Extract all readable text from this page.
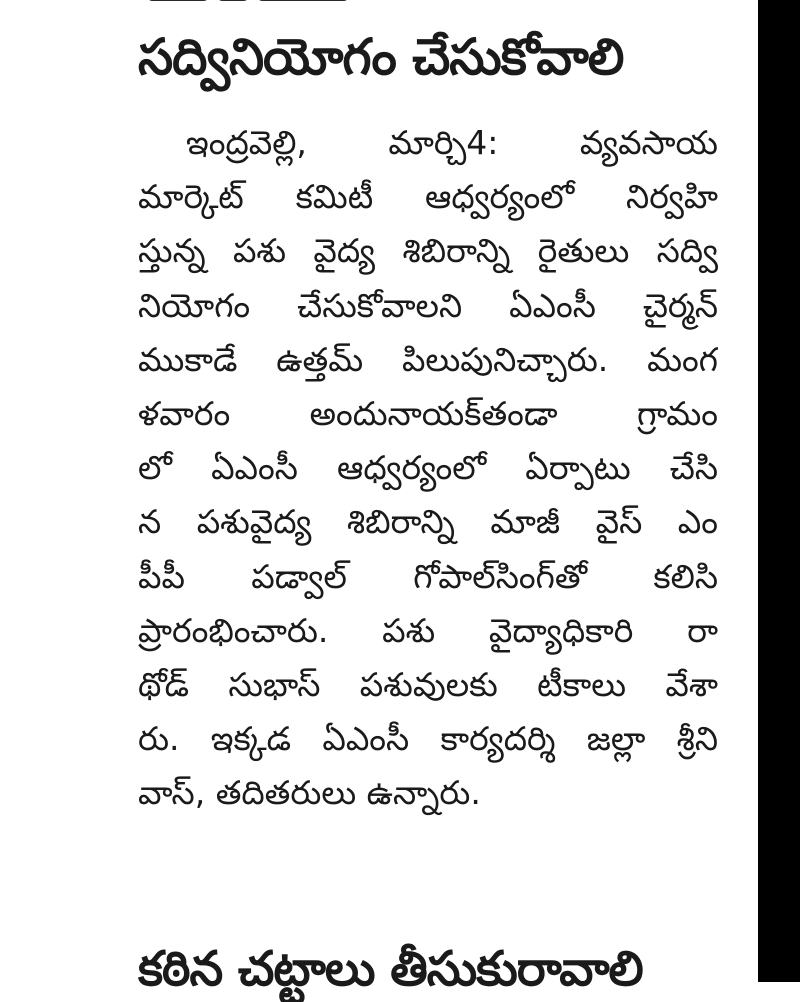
సద్వినియోగం చేసుకోవాలి
ఇంద్రవెల్లి, మార్చి4: వ్యవసాయ
మార్కెట్ కమిటీ ఆధ్వర్యంలో నిర్వహి
స్తున్న పశు వైద్య శిబిరాన్ని రైతులు సద్వి
నియోగం చేసుకోవాలని ఏఎంసీ చైర్మన్
ముకాడే ఉత్తమ్ పిలుపునిచ్చారు. మంగ
ళవారం అందునాయక్‌తండా గ్రామం
లో ఏఎంసీ ఆధ్వర్యంలో ఏర్పాటు చేసి
న పశువైద్య శిబిరాన్ని మాజీ వైస్ ఎం
పీపీ పడ్వాల్ గోపాల్‌సింగ్‌తో కలిసి
ప్రారంభించారు. పశు వైద్యాధికారి రా
థోడ్ సుభాస్ పశువులకు టీకాలు వేశా
రు. ఇక్కడ ఏఎంసీ కార్యదర్శి జల్లా శ్రీని
వాస్, తదితరులు ఉన్నారు.
కఠిన చట్టాలు తీసుకురావాలి
